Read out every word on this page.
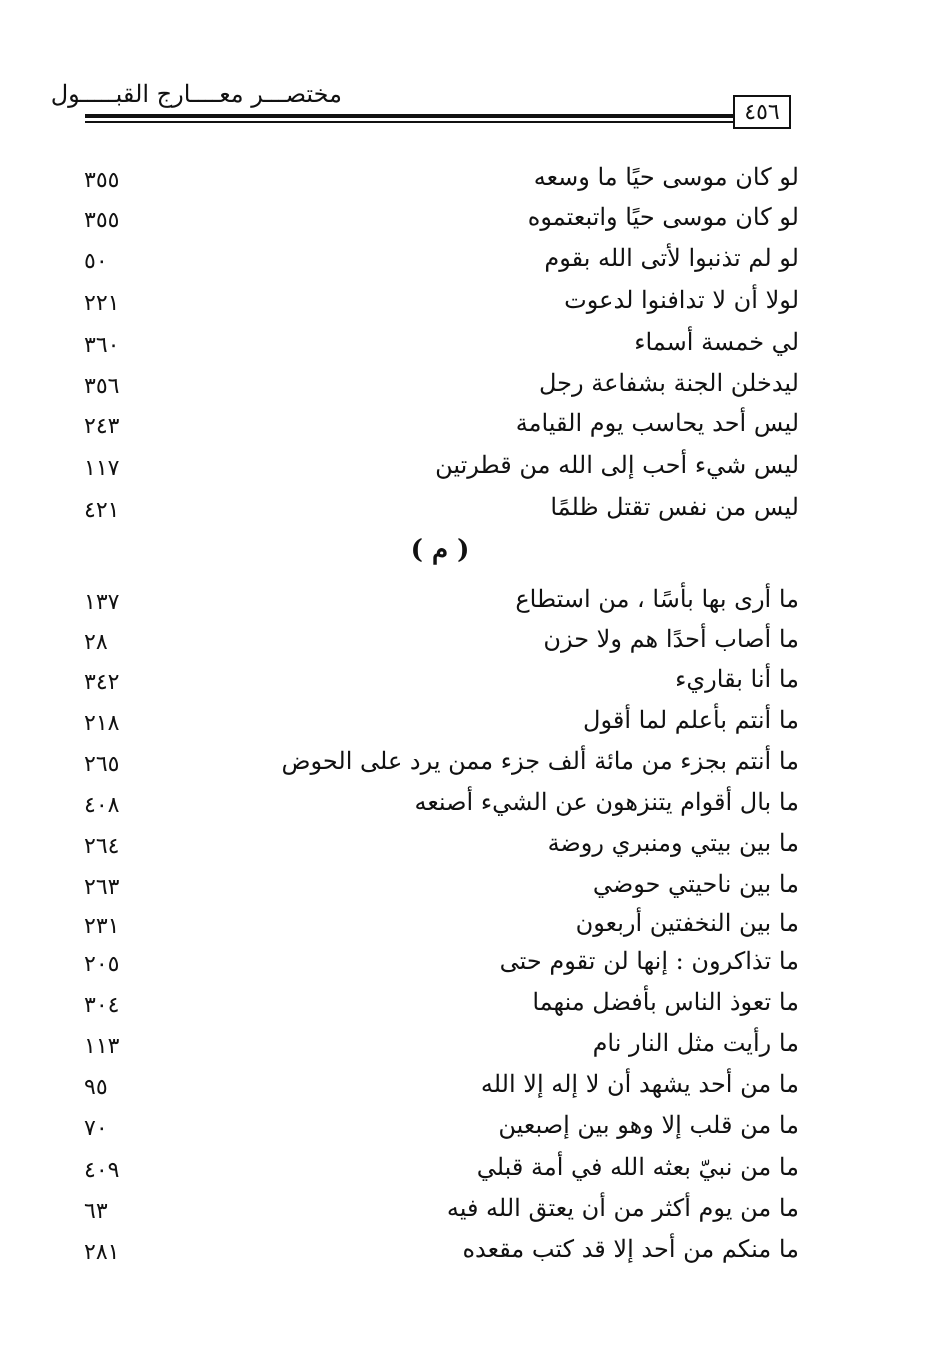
مختصـــر معــــارج القبـــــول
٤٥٦
لو كان موسى حيًا ما وسعه
٣٥٥
لو كان موسى حيًا واتبعتموه
٣٥٥
لو لم تذنبوا لأتى الله بقوم
٥٠
لولا أن لا تدافنوا لدعوت
٢٢١
لي خمسة أسماء
٣٦٠
ليدخلن الجنة بشفاعة رجل
٣٥٦
ليس أحد يحاسب يوم القيامة
٢٤٣
ليس شيء أحب إلى الله من قطرتين
١١٧
ليس من نفس تقتل ظلمًا
٤٢١
( م )
ما أرى بها بأسًا ، من استطاع
١٣٧
ما أصاب أحدًا هم ولا حزن
٢٨
ما أنا بقاريء
٣٤٢
ما أنتم بأعلم لما أقول
٢١٨
ما أنتم بجزء من مائة ألف جزء ممن يرد على الحوض
٢٦٥
ما بال أقوام يتنزهون عن الشيء أصنعه
٤٠٨
ما بين بيتي ومنبري روضة
٢٦٤
ما بين ناحيتي حوضي
٢٦٣
ما بين النخفتين أربعون
٢٣١
ما تذاكرون : إنها لن تقوم حتى
٢٠٥
ما تعوذ الناس بأفضل منهما
٣٠٤
ما رأيت مثل النار نام
١١٣
ما من أحد يشهد أن لا إله إلا الله
٩٥
ما من قلب إلا وهو بين إصبعين
٧٠
ما من نبيّ بعثه الله في أمة قبلي
٤٠٩
ما من يوم أكثر من أن يعتق الله فيه
٦٣
ما منكم من أحد إلا قد كتب مقعده
٢٨١
